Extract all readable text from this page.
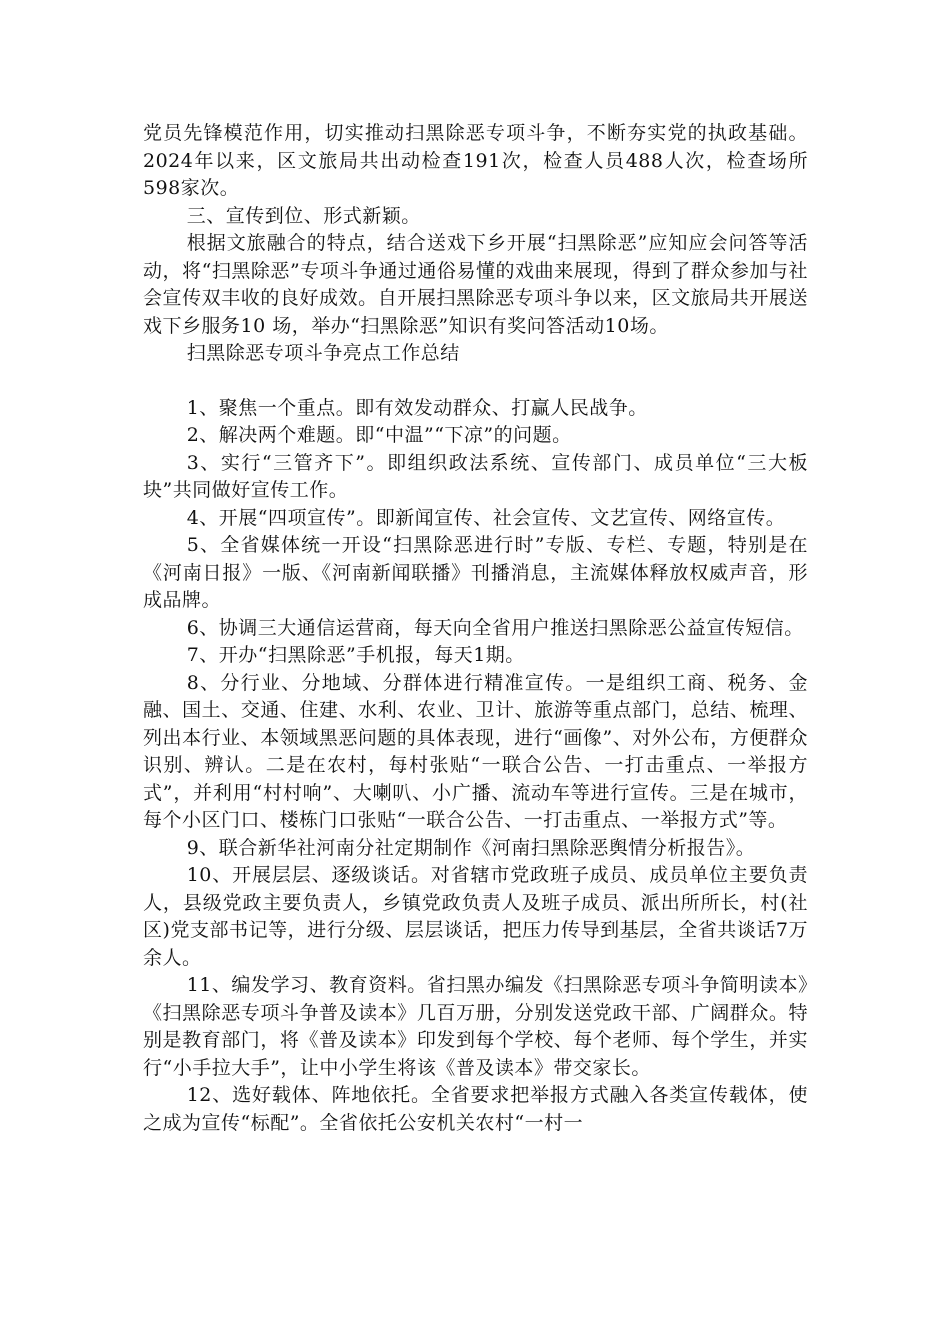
党员先锋模范作用，切实推动扫黑除恶专项斗争，不断夯实党的执政基础。2024年以来，区文旅局共出动检查191次，检查人员488人次，检查场所598家次。

三、宣传到位、形式新颖。

根据文旅融合的特点，结合送戏下乡开展“扫黑除恶”应知应会问答等活动，将“扫黑除恶”专项斗争通过通俗易懂的戏曲来展现，得到了群众参加与社会宣传双丰收的良好成效。自开展扫黑除恶专项斗争以来，区文旅局共开展送戏下乡服务10 场，举办“扫黑除恶”知识有奖问答活动10场。

扫黑除恶专项斗争亮点工作总结

1、聚焦一个重点。即有效发动群众、打赢人民战争。

2、解决两个难题。即“中温”“下凉”的问题。

3、实行“三管齐下”。即组织政法系统、宣传部门、成员单位“三大板块”共同做好宣传工作。

4、开展“四项宣传”。即新闻宣传、社会宣传、文艺宣传、网络宣传。

5、全省媒体统一开设“扫黑除恶进行时”专版、专栏、专题，特别是在《河南日报》一版、《河南新闻联播》刊播消息，主流媒体释放权威声音，形成品牌。

6、协调三大通信运营商，每天向全省用户推送扫黑除恶公益宣传短信。

7、开办“扫黑除恶”手机报，每天1期。

8、分行业、分地域、分群体进行精准宣传。一是组织工商、税务、金融、国土、交通、住建、水利、农业、卫计、旅游等重点部门，总结、梳理、列出本行业、本领域黑恶问题的具体表现，进行“画像”、对外公布，方便群众识别、辨认。二是在农村，每村张贴“一联合公告、一打击重点、一举报方式”，并利用“村村响”、大喇叭、小广播、流动车等进行宣传。三是在城市，每个小区门口、楼栋门口张贴“一联合公告、一打击重点、一举报方式”等。

9、联合新华社河南分社定期制作《河南扫黑除恶舆情分析报告》。

10、开展层层、逐级谈话。对省辖市党政班子成员、成员单位主要负责人，县级党政主要负责人，乡镇党政负责人及班子成员、派出所所长，村(社区)党支部书记等，进行分级、层层谈话，把压力传导到基层，全省共谈话7万余人。

11、编发学习、教育资料。省扫黑办编发《扫黑除恶专项斗争简明读本》《扫黑除恶专项斗争普及读本》几百万册，分别发送党政干部、广阔群众。特别是教育部门，将《普及读本》印发到每个学校、每个老师、每个学生，并实行“小手拉大手”，让中小学生将该《普及读本》带交家长。

12、选好载体、阵地依托。全省要求把举报方式融入各类宣传载体，使之成为宣传“标配”。全省依托公安机关农村“一村一
